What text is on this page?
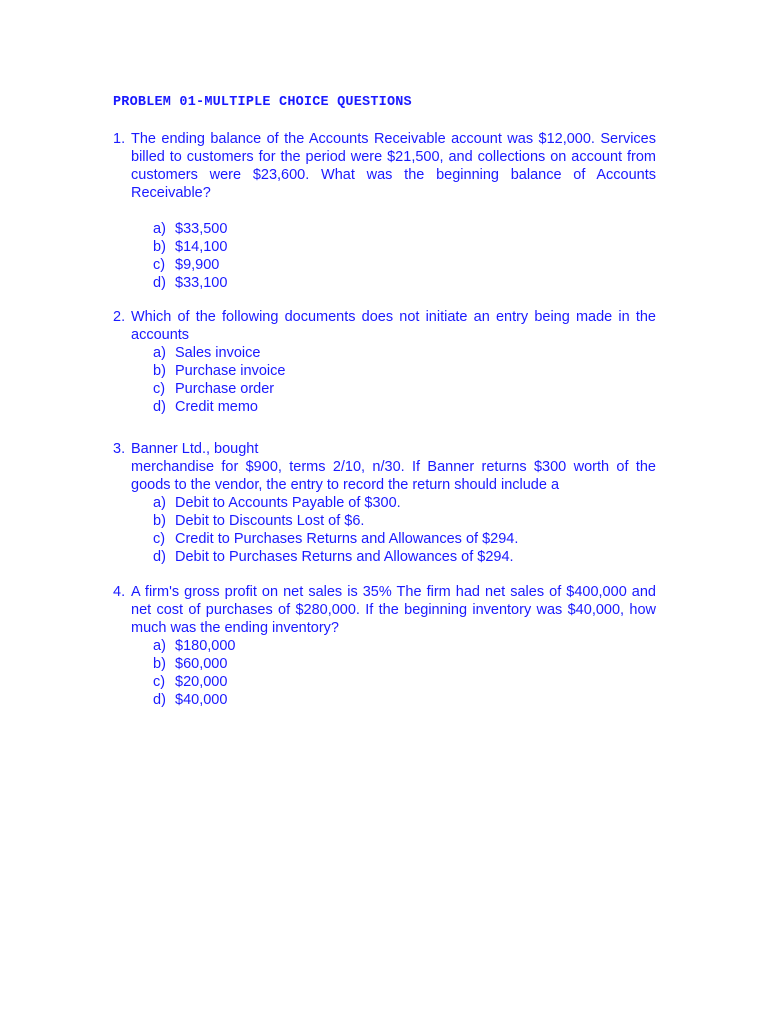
PROBLEM 01-MULTIPLE CHOICE QUESTIONS
1. The ending balance of the Accounts Receivable account was $12,000. Services billed to customers for the period were $21,500, and collections on account from customers were $23,600. What was the beginning balance of Accounts Receivable?
a) $33,500
b) $14,100
c) $9,900
d) $33,100
2. Which of the following documents does not initiate an entry being made in the accounts
a) Sales invoice
b) Purchase invoice
c) Purchase order
d) Credit memo
3. Banner Ltd., bought

merchandise for $900, terms 2/10, n/30. If Banner returns $300 worth of the goods to the vendor, the entry to record the return should include a
a) Debit to Accounts Payable of $300.
b) Debit to Discounts Lost of $6.
c) Credit to Purchases Returns and Allowances of $294.
d) Debit to Purchases Returns and Allowances of $294.
4. A firm's gross profit on net sales is 35% The firm had net sales of $400,000 and net cost of purchases of $280,000. If the beginning inventory was $40,000, how much was the ending inventory?
a) $180,000
b) $60,000
c) $20,000
d) $40,000
